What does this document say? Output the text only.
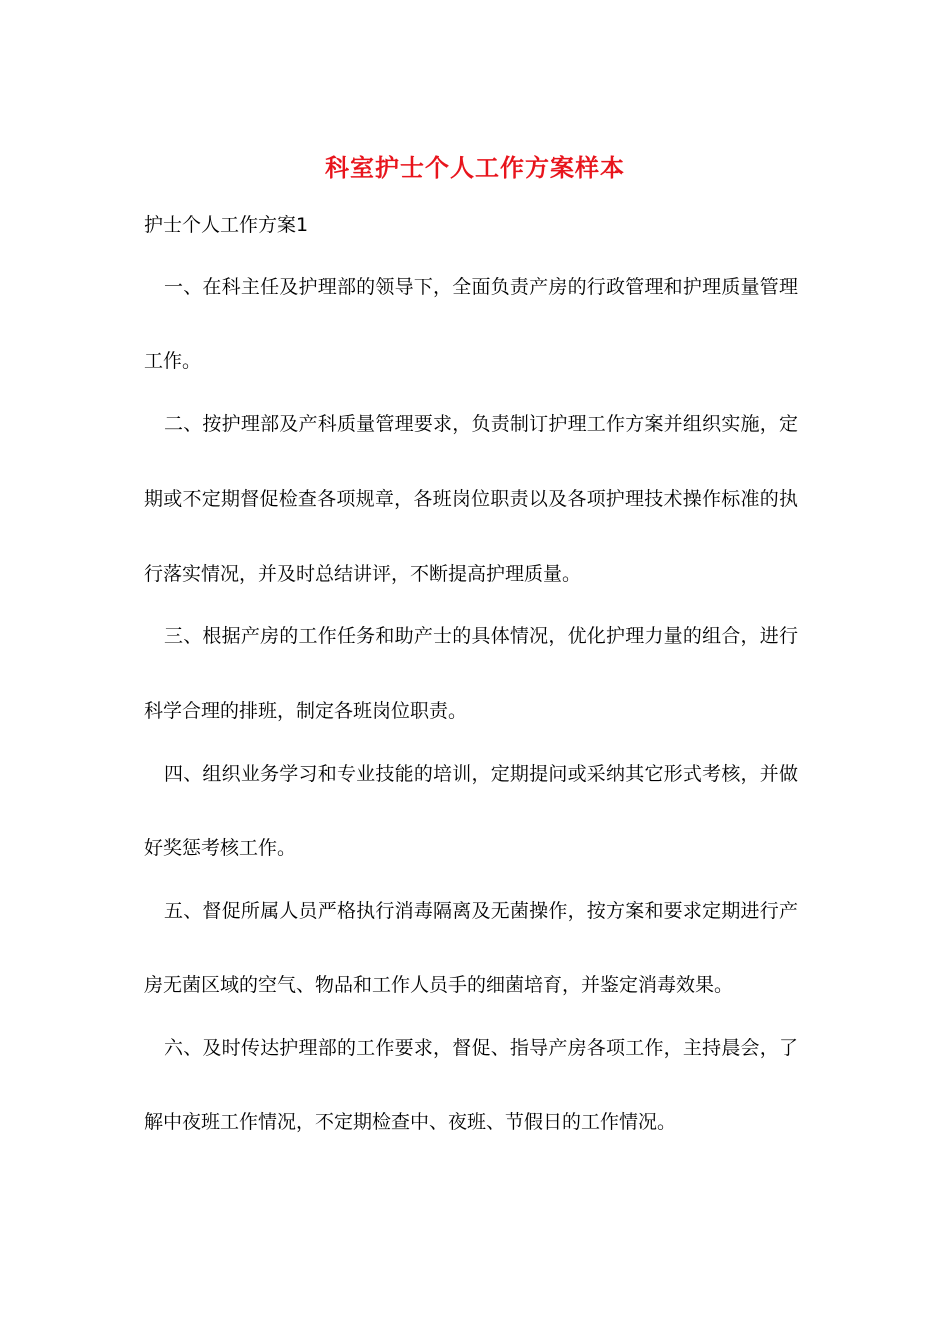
科室护士个人工作方案样本
护士个人工作方案1
一、在科主任及护理部的领导下，全面负责产房的行政管理和护理质量管理
工作。
二、按护理部及产科质量管理要求，负责制订护理工作方案并组织实施，定
期或不定期督促检查各项规章，各班岗位职责以及各项护理技术操作标准的执
行落实情况，并及时总结讲评，不断提高护理质量。
三、根据产房的工作任务和助产士的具体情况，优化护理力量的组合，进行
科学合理的排班，制定各班岗位职责。
四、组织业务学习和专业技能的培训，定期提问或采纳其它形式考核，并做
好奖惩考核工作。
五、督促所属人员严格执行消毒隔离及无菌操作，按方案和要求定期进行产
房无菌区域的空气、物品和工作人员手的细菌培育，并鉴定消毒效果。
六、及时传达护理部的工作要求，督促、指导产房各项工作，主持晨会，了
解中夜班工作情况，不定期检查中、夜班、节假日的工作情况。
